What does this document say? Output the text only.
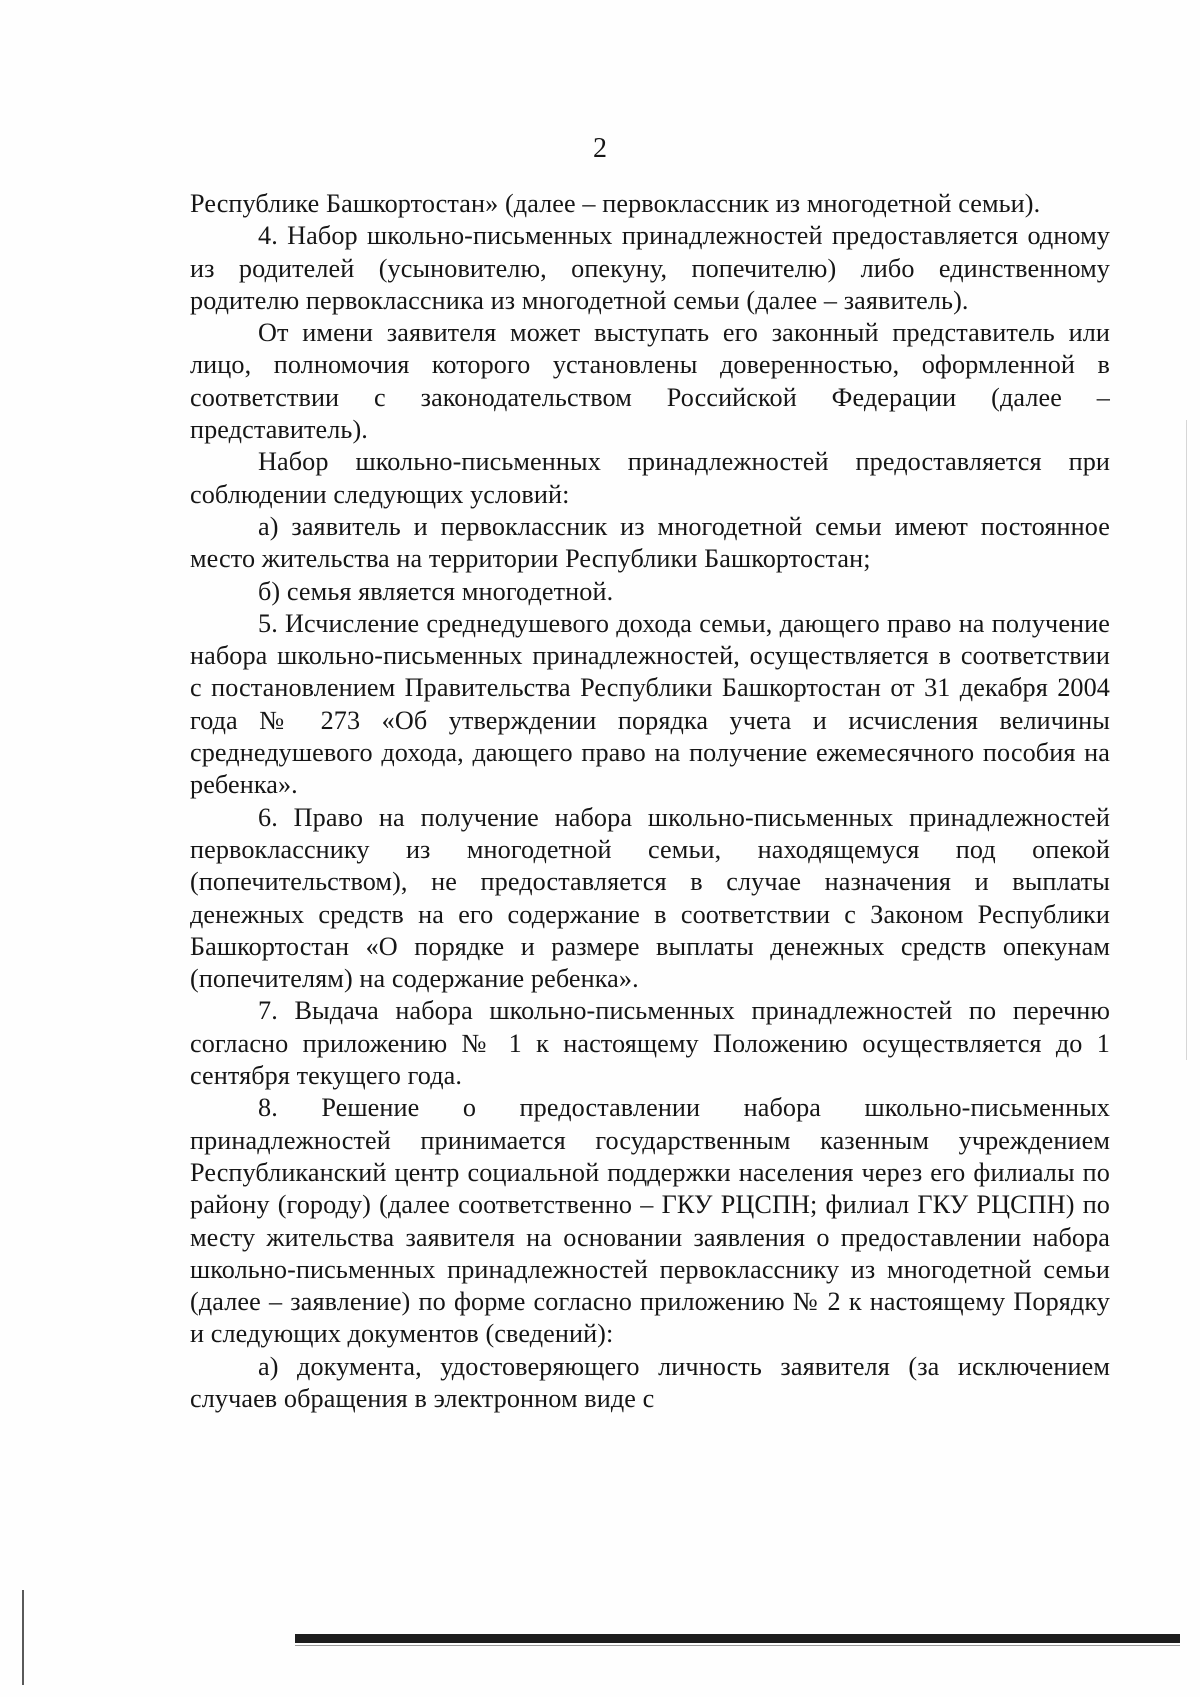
2

Республике Башкортостан» (далее – первоклассник из многодетной семьи).

4. Набор школьно-письменных принадлежностей предоставляется одному из родителей (усыновителю, опекуну, попечителю) либо единственному родителю первоклассника из многодетной семьи (далее – заявитель).

От имени заявителя может выступать его законный представитель или лицо, полномочия которого установлены доверенностью, оформленной в соответствии с законодательством Российской Федерации (далее – представитель).

Набор школьно-письменных принадлежностей предоставляется при соблюдении следующих условий:

а) заявитель и первоклассник из многодетной семьи имеют постоянное место жительства на территории Республики Башкортостан;

б) семья является многодетной.

5. Исчисление среднедушевого дохода семьи, дающего право на получение набора школьно-письменных принадлежностей, осуществляется в соответствии с постановлением Правительства Республики Башкортостан от 31 декабря 2004 года № 273 «Об утверждении порядка учета и исчисления величины среднедушевого дохода, дающего право на получение ежемесячного пособия на ребенка».

6. Право на получение набора школьно-письменных принадлежностей первокласснику из многодетной семьи, находящемуся под опекой (попечительством), не предоставляется в случае назначения и выплаты денежных средств на его содержание в соответствии с Законом Республики Башкортостан «О порядке и размере выплаты денежных средств опекунам (попечителям) на содержание ребенка».

7. Выдача набора школьно-письменных принадлежностей по перечню согласно приложению № 1 к настоящему Положению осуществляется до 1 сентября текущего года.

8. Решение о предоставлении набора школьно-письменных принадлежностей принимается государственным казенным учреждением Республиканский центр социальной поддержки населения через его филиалы по району (городу) (далее соответственно – ГКУ РЦСПН; филиал ГКУ РЦСПН) по месту жительства заявителя на основании заявления о предоставлении набора школьно-письменных принадлежностей первокласснику из многодетной семьи (далее – заявление) по форме согласно приложению № 2 к настоящему Порядку и следующих документов (сведений):

а) документа, удостоверяющего личность заявителя (за исключением случаев обращения в электронном виде с
